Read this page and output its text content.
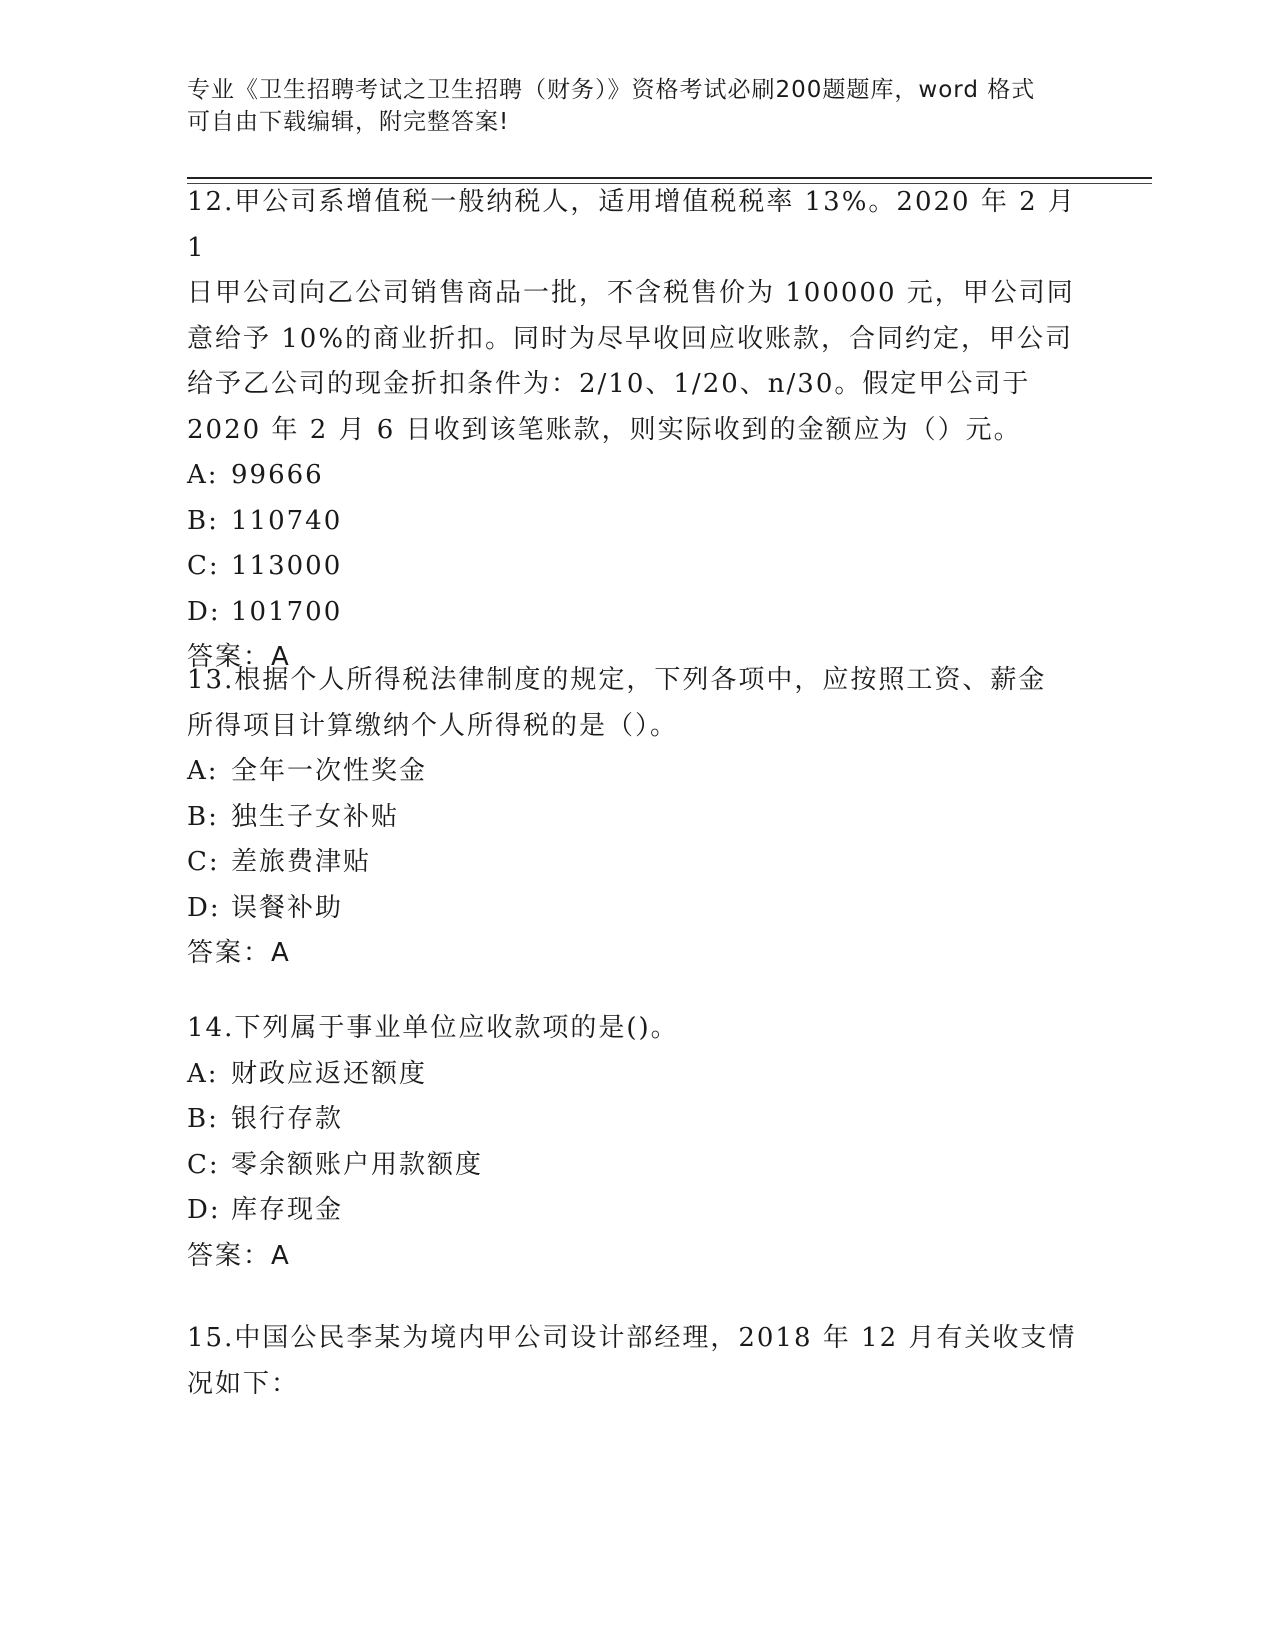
专业《卫生招聘考试之卫生招聘（财务）》资格考试必刷200题题库，word 格式
可自由下载编辑，附完整答案!

12.甲公司系增值税一般纳税人，适用增值税税率 13%。2020 年 2 月 1

日甲公司向乙公司销售商品一批，不含税售价为 100000 元，甲公司同

意给予 10%的商业折扣。同时为尽早收回应收账款，合同约定，甲公司

给予乙公司的现金折扣条件为：2/10、1/20、n/30。假定甲公司于

2020 年 2 月 6 日收到该笔账款，则实际收到的金额应为（）元。

A: 99666

B: 110740

C: 113000

D: 101700

答案：A

13.根据个人所得税法律制度的规定，下列各项中，应按照工资、薪金

所得项目计算缴纳个人所得税的是（）。

A: 全年一次性奖金

B: 独生子女补贴

C: 差旅费津贴

D: 误餐补助

答案：A

14.下列属于事业单位应收款项的是()。

A: 财政应返还额度

B: 银行存款

C: 零余额账户用款额度

D: 库存现金

答案：A

15.中国公民李某为境内甲公司设计部经理，2018 年 12 月有关收支情

况如下：
